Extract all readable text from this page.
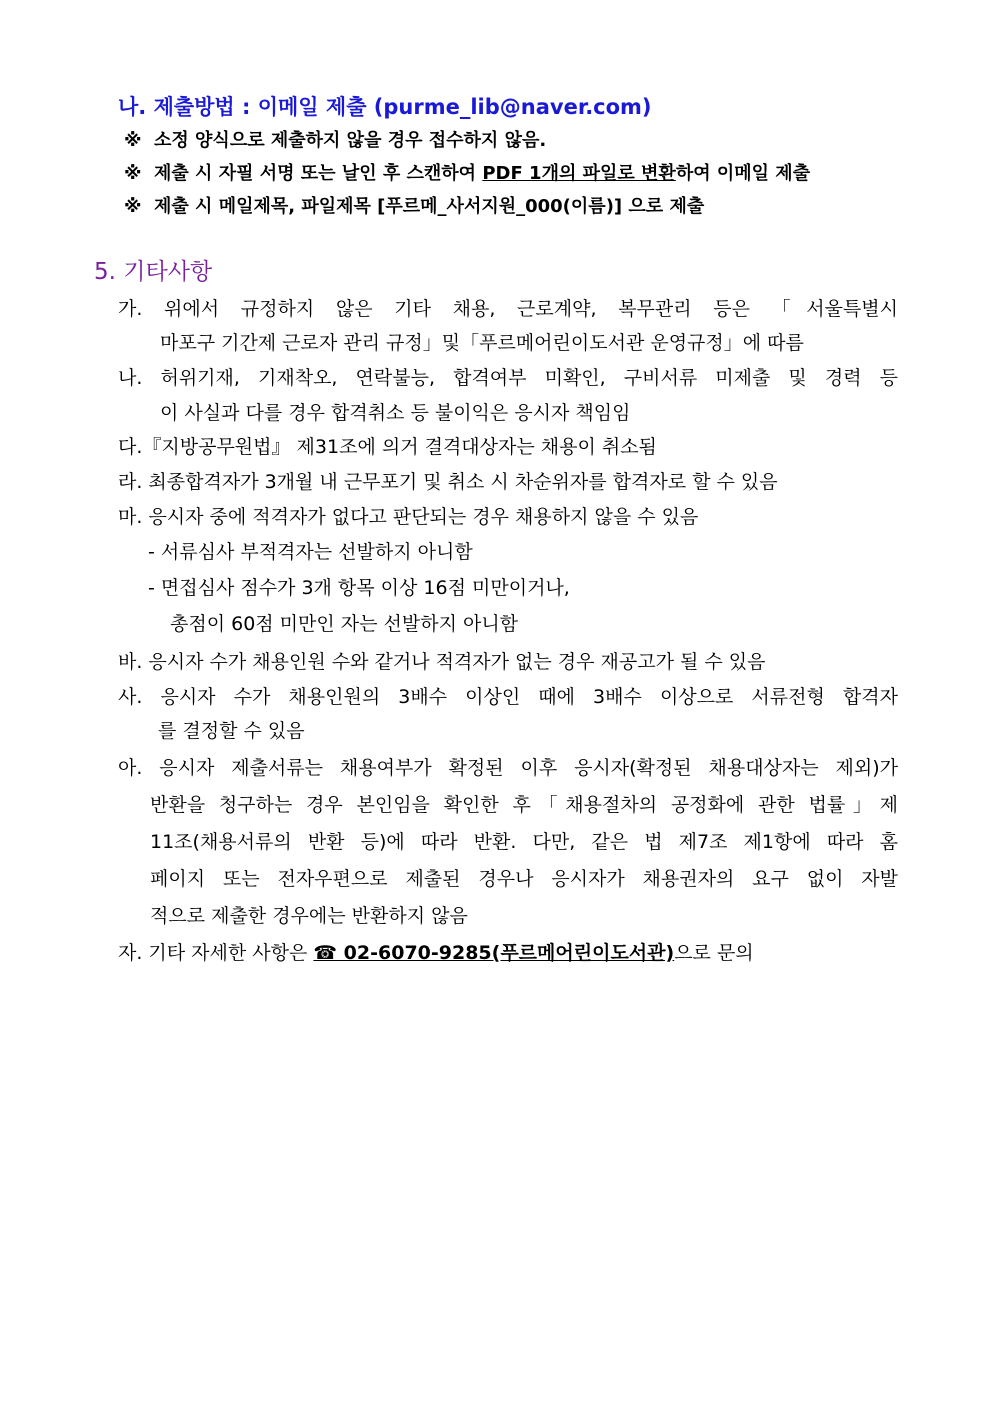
나. 제출방법 : 이메일 제출 (purme_lib@naver.com)
※ 소정 양식으로 제출하지 않을 경우 접수하지 않음.
※ 제출 시 자필 서명 또는 날인 후 스캔하여 PDF 1개의 파일로 변환하여 이메일 제출
※ 제출 시 메일제목, 파일제목 [푸르메_사서지원_000(이름)] 으로 제출
5. 기타사항
가. 위에서 규정하지 않은 기타 채용, 근로계약, 복무관리 등은 「서울특별시
마포구 기간제 근로자 관리 규정」및「푸르메어린이도서관 운영규정」에 따름
나. 허위기재, 기재착오, 연락불능, 합격여부 미확인, 구비서류 미제출 및 경력 등
이 사실과 다를 경우 합격취소 등 불이익은 응시자 책임임
다.『지방공무원법』 제31조에 의거 결격대상자는 채용이 취소됨
라. 최종합격자가 3개월 내 근무포기 및 취소 시 차순위자를 합격자로 할 수 있음
마. 응시자 중에 적격자가 없다고 판단되는 경우 채용하지 않을 수 있음
- 서류심사 부적격자는 선발하지 아니함
- 면접심사 점수가 3개 항목 이상 16점 미만이거나,
총점이 60점 미만인 자는 선발하지 아니함
바. 응시자 수가 채용인원 수와 같거나 적격자가 없는 경우 재공고가 될 수 있음
사. 응시자 수가 채용인원의 3배수 이상인 때에 3배수 이상으로 서류전형 합격자
를 결정할 수 있음
아. 응시자 제출서류는 채용여부가 확정된 이후 응시자(확정된 채용대상자는 제외)가
반환을 청구하는 경우 본인임을 확인한 후「채용절차의 공정화에 관한 법률」제
11조(채용서류의 반환 등)에 따라 반환. 다만, 같은 법 제7조 제1항에 따라 홈
페이지 또는 전자우편으로 제출된 경우나 응시자가 채용권자의 요구 없이 자발
적으로 제출한 경우에는 반환하지 않음
자. 기타 자세한 사항은 ☎ 02-6070-9285(푸르메어린이도서관)으로 문의
